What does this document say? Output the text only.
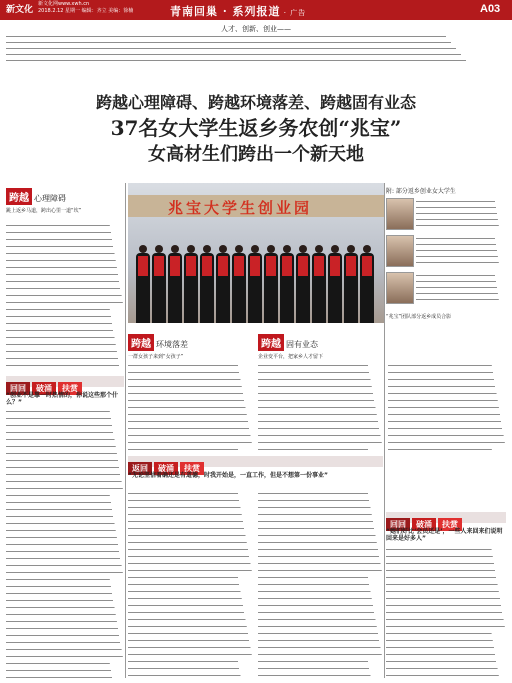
新文化
新文化网www.xwh.cn
2018.2.12 星期一 编辑：齐立 美编：徐楠	青南回巢 · 系列报道 · 广告	A03
人才、创新、创业——
跨越心理障碍、跨越环境落差、跨越固有业态
37名女大学生返乡务农创“兆宝”
女高材生们跨出一个新天地
跨越 心理障碍
跳上返乡马道，跨出心里一道“坎”	兆宝大学生创业园
附: 部分返乡创业女大学生
“兆宝”团队部分返乡成员合影
跨越 环境落差
一群女孩子来到“女孩子”
跨越 固有业态
企业变平台，把家乡人才留下
回回 破涌 扶赏
“创业不是靠一时热情的，你说这些那个什么？”
返回 破涌 扶赏
“无论坚信着确还是有道德，时我开始是，一直工作，但是不想第一份事业”
回回 破涌 扶赏
“她们好比‘会员还是’，一些人来回来们说明回来是好多人”
